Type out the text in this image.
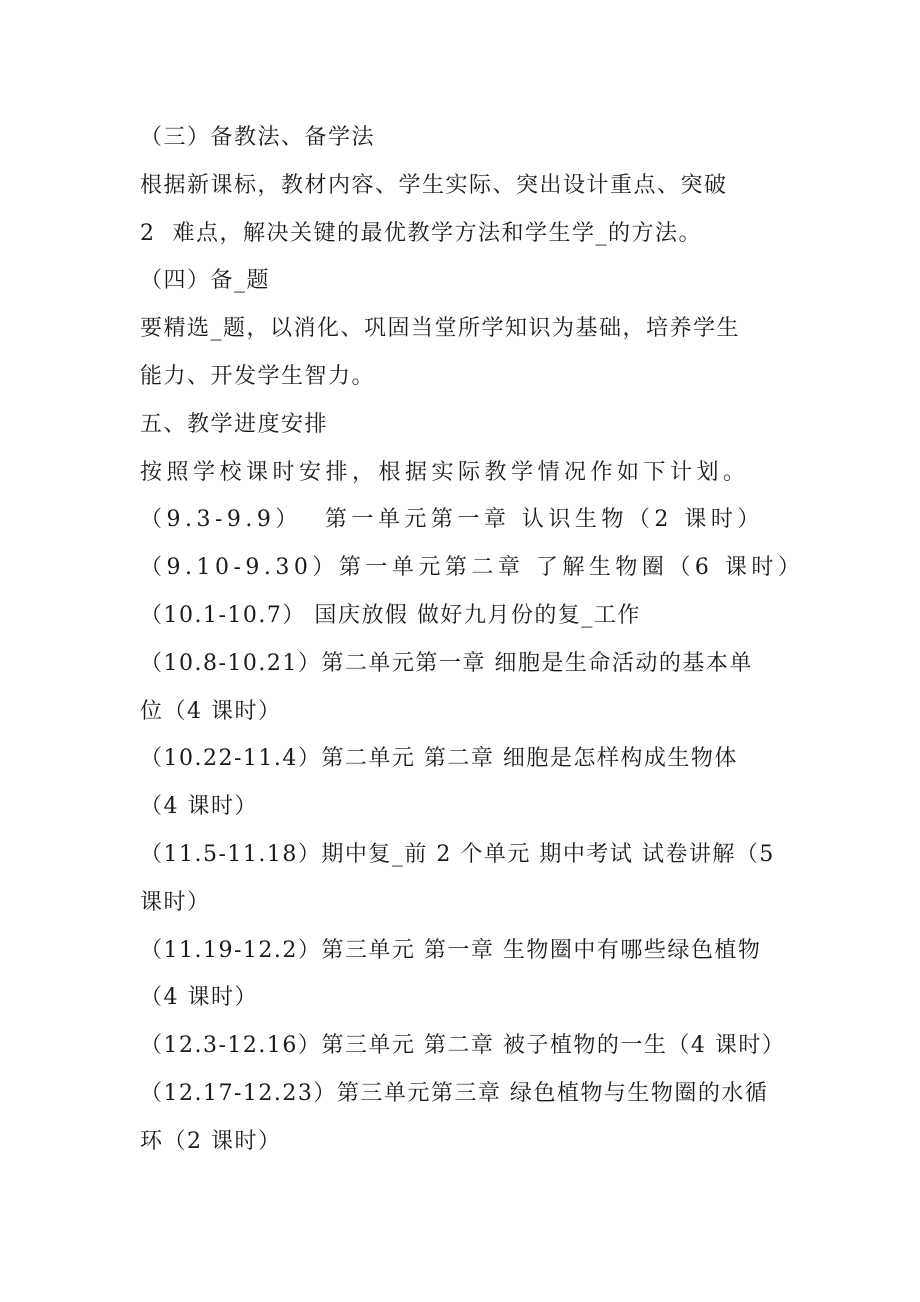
（三）备教法、备学法
根据新课标，教材内容、学生实际、突出设计重点、突破
2  难点，解决关键的最优教学方法和学生学_的方法。
（四）备_题
要精选_题，以消化、巩固当堂所学知识为基础，培养学生
能力、开发学生智力。
五、教学进度安排
按照学校课时安排，根据实际教学情况作如下计划。
（9.3-9.9）  第一单元第一章 认识生物（2 课时）
（9.10-9.30）第一单元第二章 了解生物圈（6 课时）
（10.1-10.7） 国庆放假 做好九月份的复_工作
（10.8-10.21）第二单元第一章 细胞是生命活动的基本单
位（4 课时）
（10.22-11.4）第二单元 第二章 细胞是怎样构成生物体
（4 课时）
（11.5-11.18）期中复_前 2 个单元 期中考试 试卷讲解（5
课时）
（11.19-12.2）第三单元 第一章 生物圈中有哪些绿色植物
（4 课时）
（12.3-12.16）第三单元 第二章 被子植物的一生（4 课时）
（12.17-12.23）第三单元第三章 绿色植物与生物圈的水循
环（2 课时）
